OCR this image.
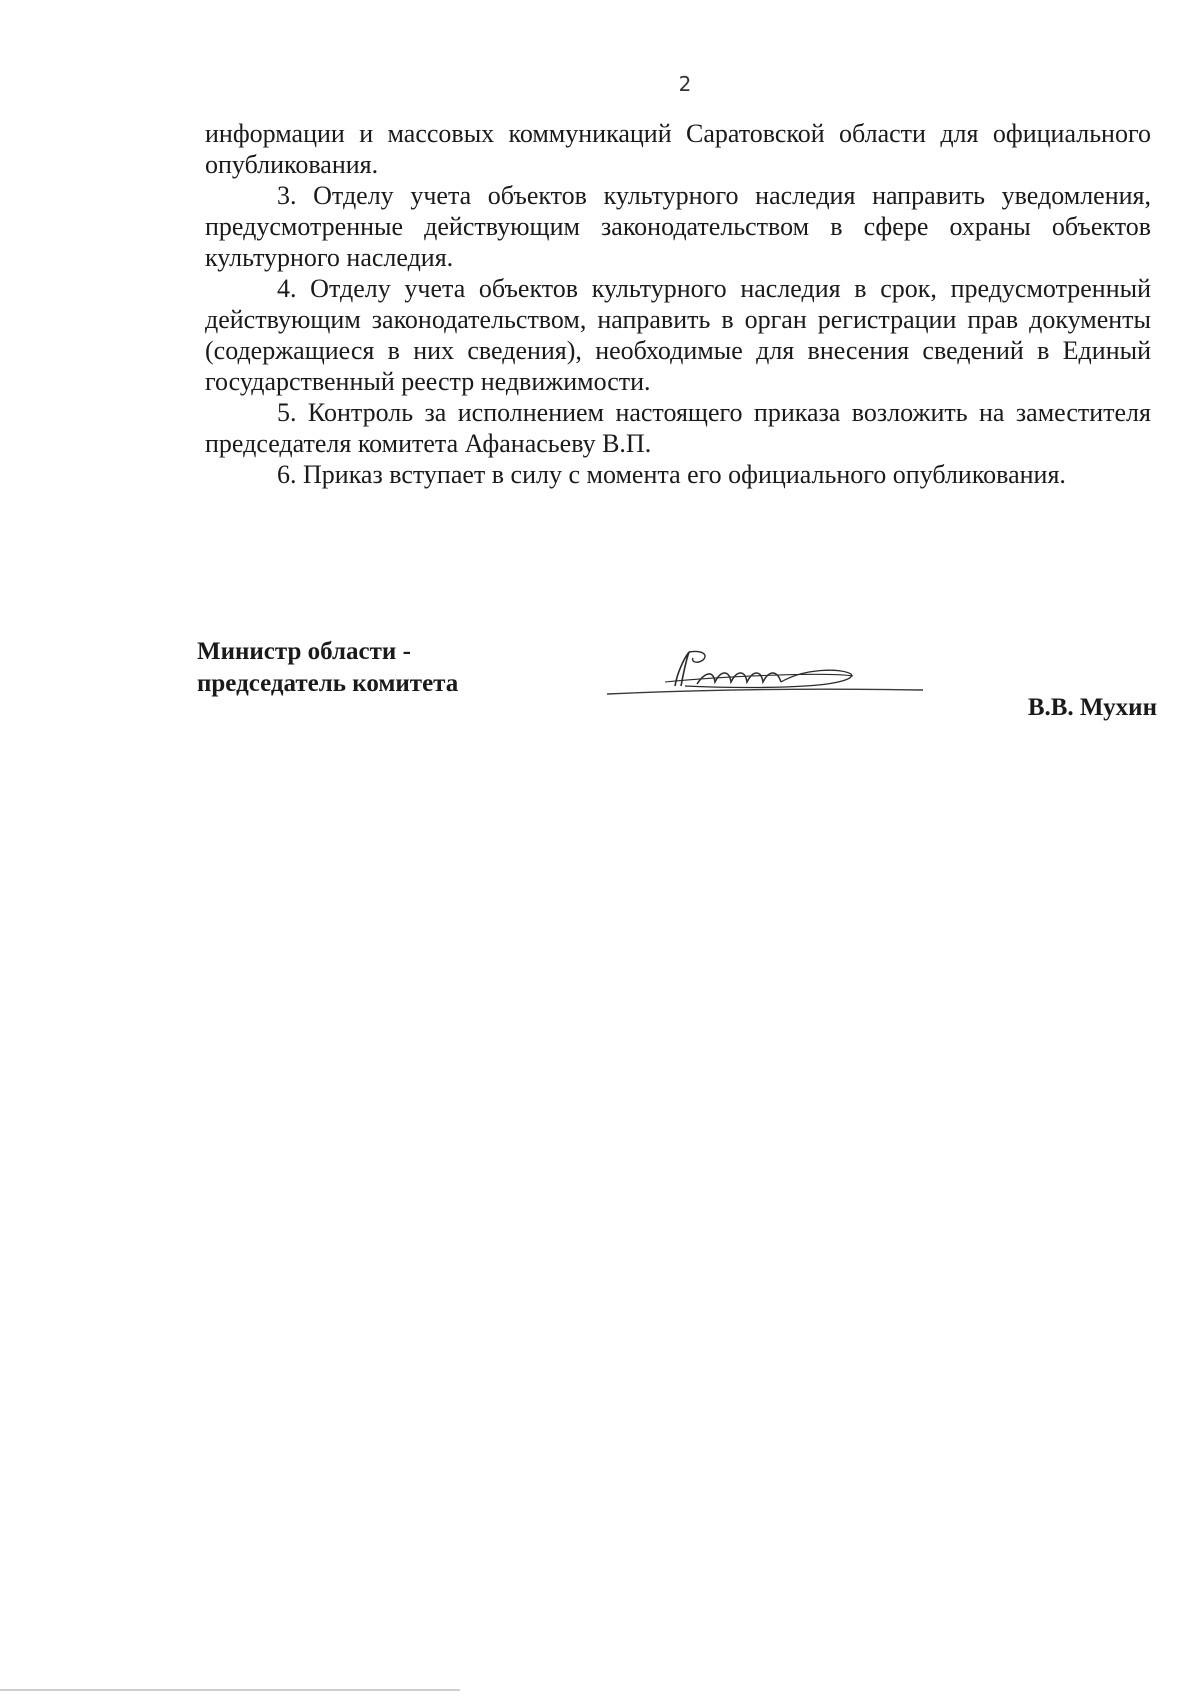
2

информации и массовых коммуникаций Саратовской области для официального опубликования.

3. Отделу учета объектов культурного наследия направить уведомления, предусмотренные действующим законодательством в сфере охраны объектов культурного наследия.

4. Отделу учета объектов культурного наследия в срок, предусмотренный действующим законодательством, направить в орган регистрации прав документы (содержащиеся в них сведения), необходимые для внесения сведений в Единый государственный реестр недвижимости.

5. Контроль за исполнением настоящего приказа возложить на заместителя председателя комитета Афанасьеву В.П.

6. Приказ вступает в силу с момента его официального опубликования.

Министр области -
председатель комитета
В.В. Мухин
